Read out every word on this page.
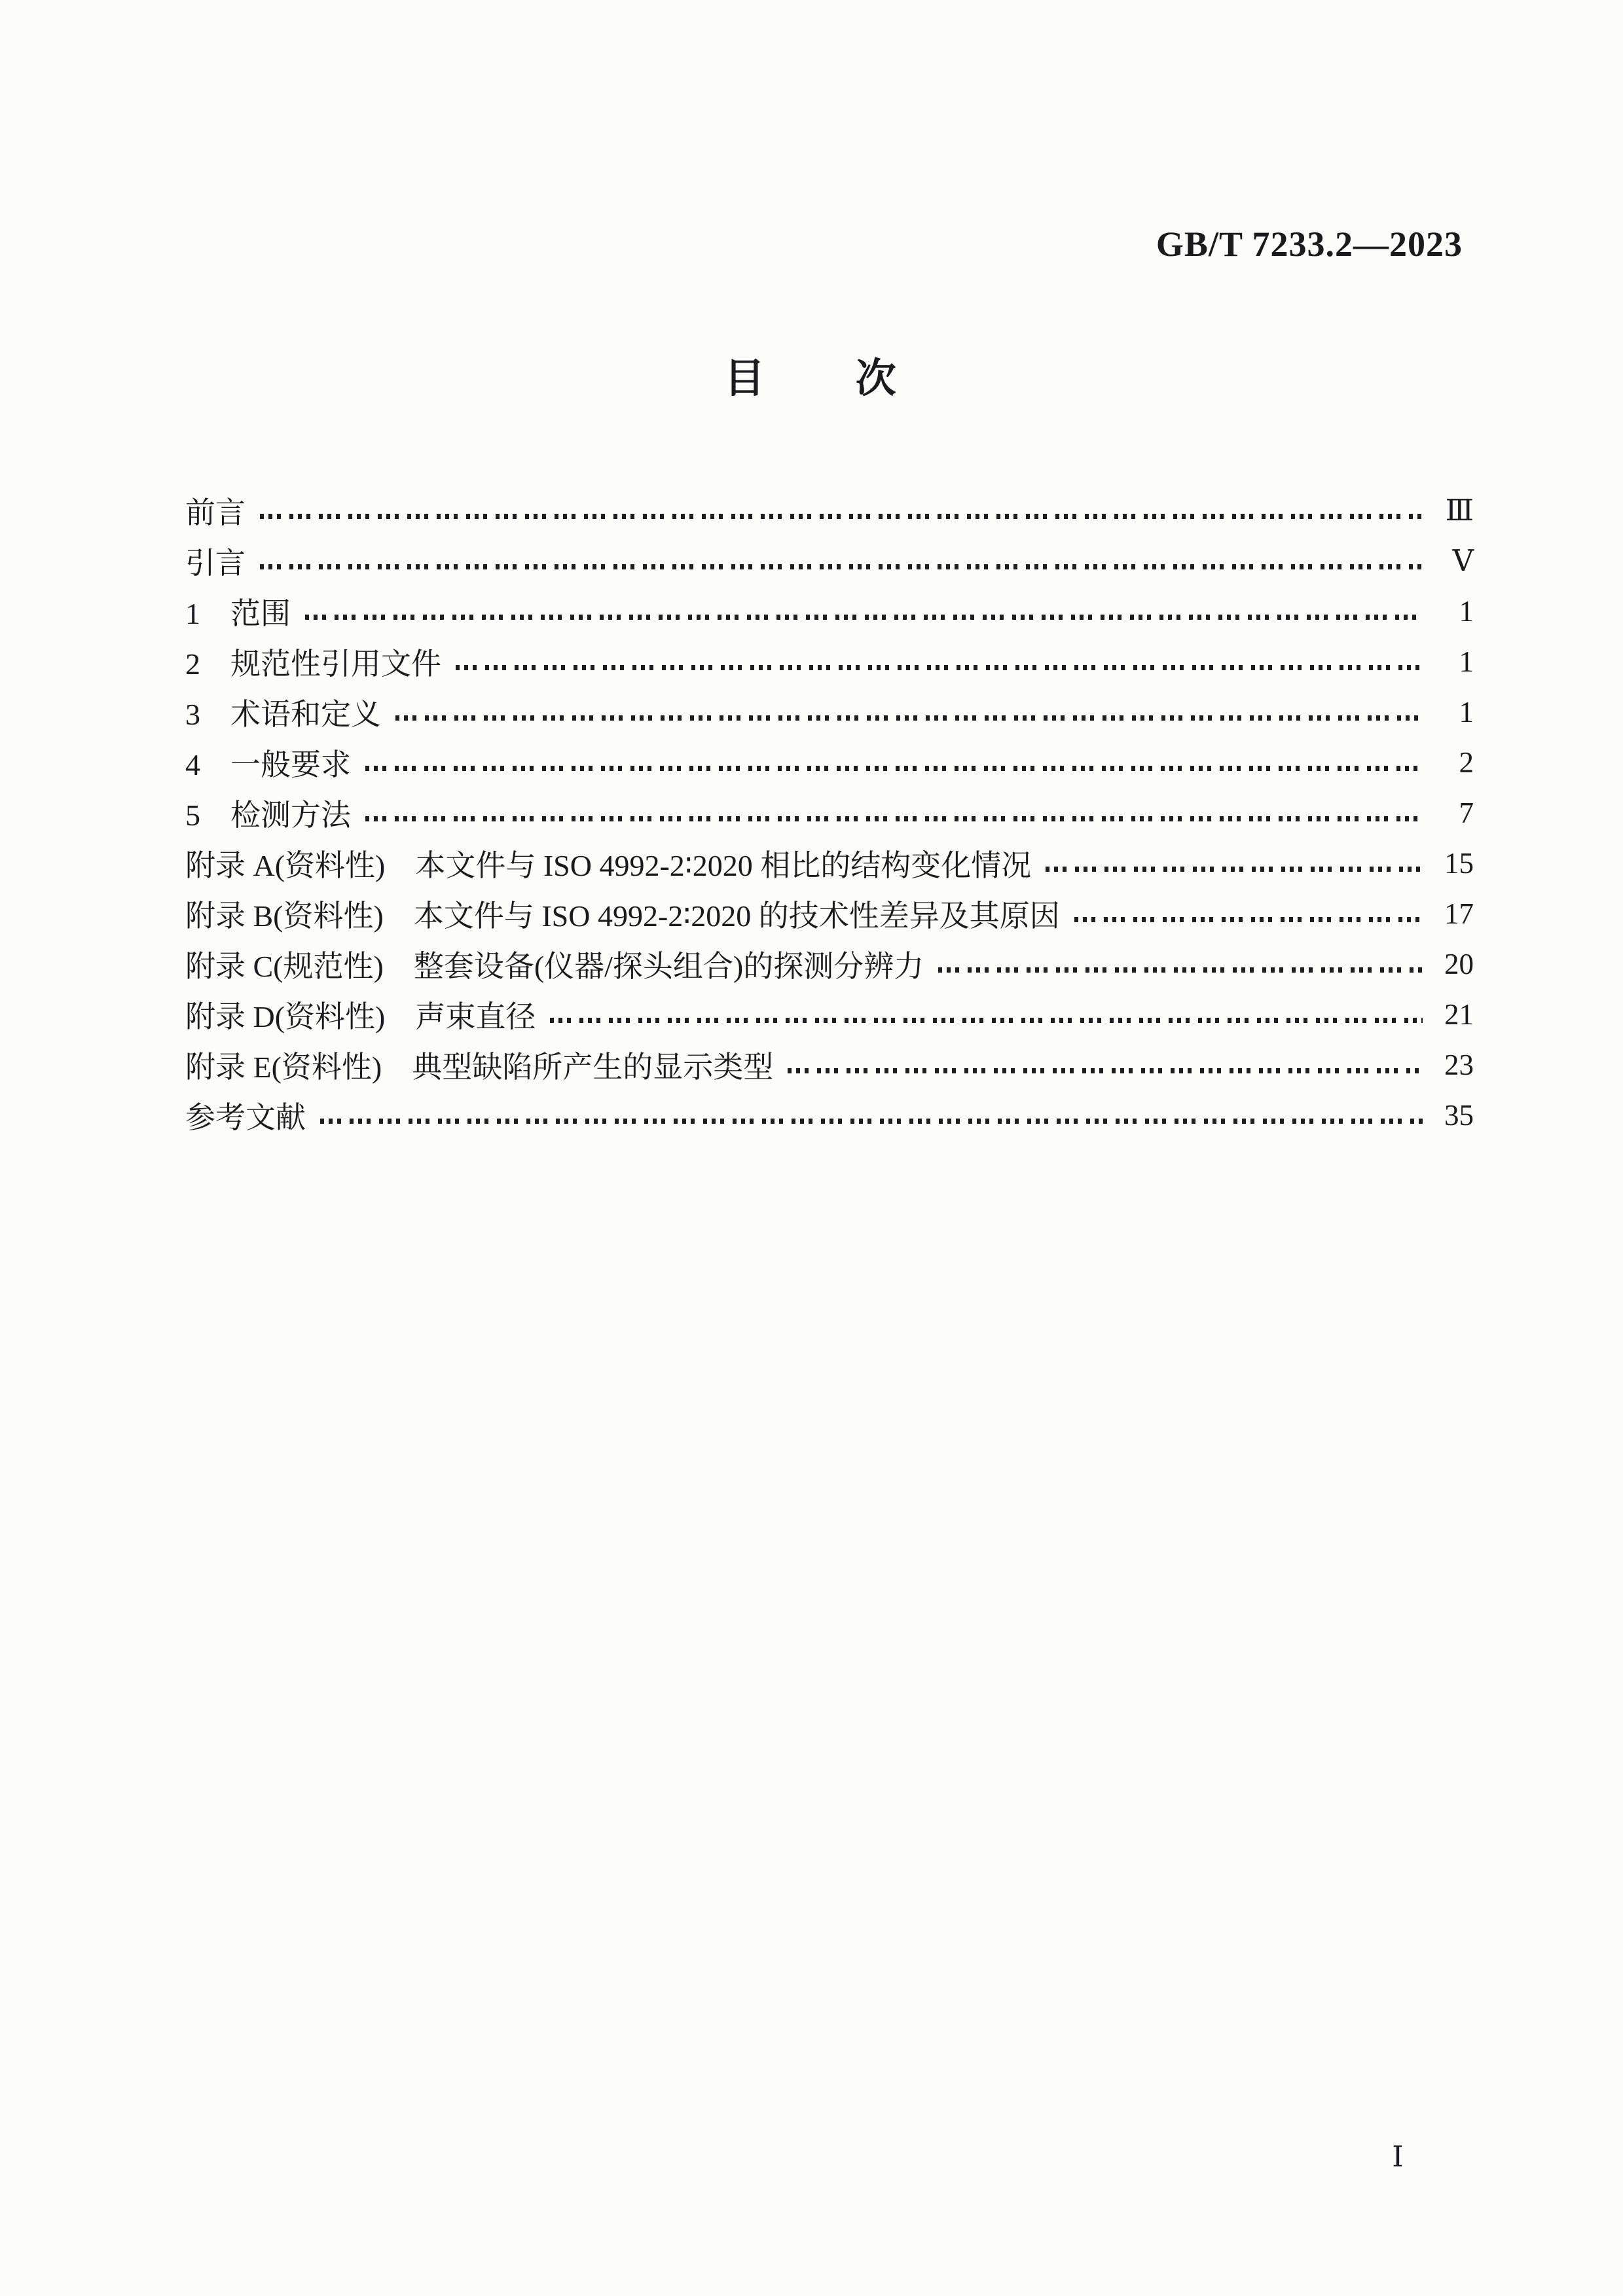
GB/T 7233.2—2023
目 次
前言	Ⅲ
引言	Ⅴ
1　范围	1
2　规范性引用文件	1
3　术语和定义	1
4　一般要求	2
5　检测方法	7
附录 A(资料性)　本文件与 ISO 4992-2∶2020 相比的结构变化情况	15
附录 B(资料性)　本文件与 ISO 4992-2∶2020 的技术性差异及其原因	17
附录 C(规范性)　整套设备(仪器/探头组合)的探测分辨力	20
附录 D(资料性)　声束直径	21
附录 E(资料性)　典型缺陷所产生的显示类型	23
参考文献	35
Ⅰ
